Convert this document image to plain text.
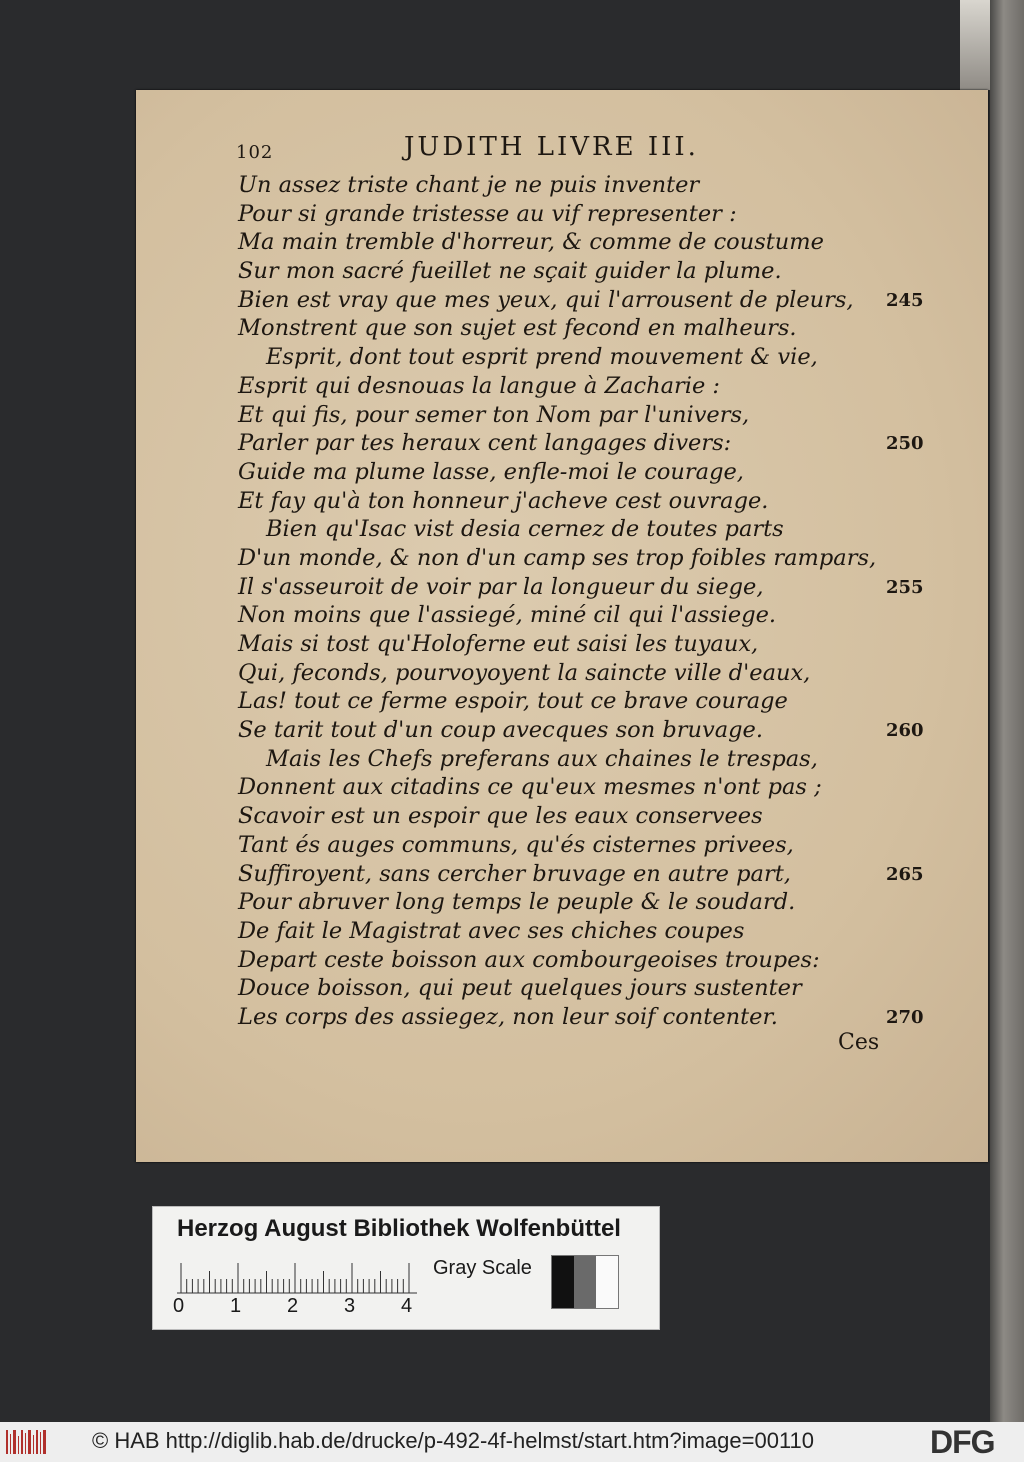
102	JUDITH LIVRE III.
Un assez triste chant je ne puis inventer
Pour si grande tristesse au vif representer :
Ma main tremble d'horreur, & comme de coustume
Sur mon sacré fueillet ne sçait guider la plume.
Bien est vray que mes yeux, qui l'arrousent de pleurs,
Monstrent que son sujet est fecond en malheurs.
Esprit, dont tout esprit prend mouvement & vie,
Esprit qui desnouas la langue à Zacharie :
Et qui fis, pour semer ton Nom par l'univers,
Parler par tes heraux cent langages divers:
Guide ma plume lasse, enfle-moi le courage,
Et fay qu'à ton honneur j'acheve cest ouvrage.
Bien qu'Isac vist desia cernez de toutes parts
D'un monde, & non d'un camp ses trop foibles rampars,
Il s'asseuroit de voir par la longueur du siege,
Non moins que l'assiegé, miné cil qui l'assiege.
Mais si tost qu'Holoferne eut saisi les tuyaux,
Qui, feconds, pourvoyoyent la saincte ville d'eaux,
Las! tout ce ferme espoir, tout ce brave courage
Se tarit tout d'un coup avecques son bruvage.
Mais les Chefs preferans aux chaines le trespas,
Donnent aux citadins ce qu'eux mesmes n'ont pas ;
Scavoir est un espoir que les eaux conservees
Tant és auges communs, qu'és cisternes privees,
Suffiroyent, sans cercher bruvage en autre part,
Pour abruver long temps le peuple & le soudard.
De fait le Magistrat avec ses chiches coupes
Depart ceste boisson aux combourgeoises troupes:
Douce boisson, qui peut quelques jours sustenter
Les corps des assiegez, non leur soif contenter.
245
250
255
260
265
270
Ces
Herzog August Bibliothek Wolfenbüttel
0 1 2 3 4
Gray Scale
© HAB http://diglib.hab.de/drucke/p-492-4f-helmst/start.htm?image=00110	DFG
